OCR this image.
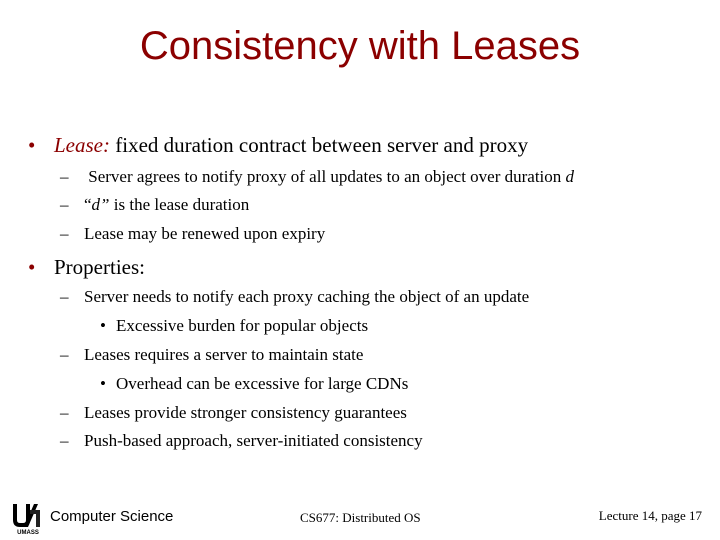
Consistency with Leases
• Lease: fixed duration contract between server and proxy
– Server agrees to notify proxy of all updates to an object over duration d
– “d” is the lease duration
– Lease may be renewed upon expiry
• Properties:
– Server needs to notify each proxy caching the object of an update
• Excessive burden for popular objects
– Leases requires a server to maintain state
• Overhead can be excessive for large CDNs
– Leases provide stronger consistency guarantees
– Push-based approach, server-initiated consistency
UMASS
Computer Science	CS677: Distributed OS	Lecture 14, page 17
